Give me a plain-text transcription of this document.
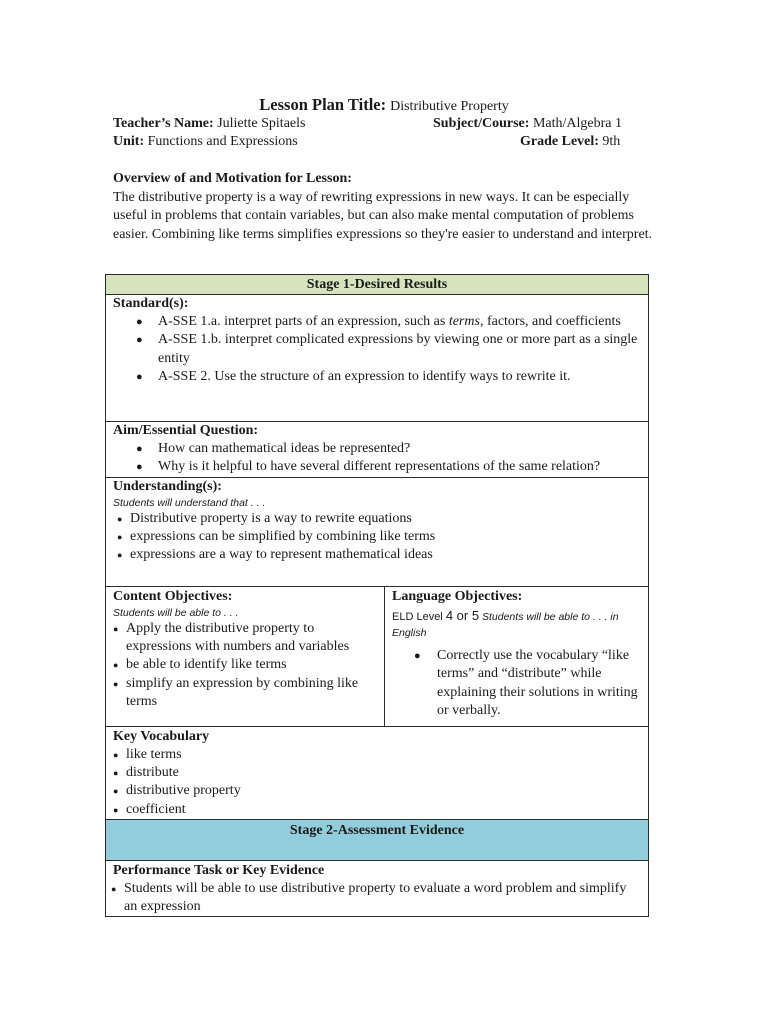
Lesson Plan Title: Distributive Property
Teacher’s Name: Juliette Spitaels	Subject/Course: Math/Algebra 1
Unit: Functions and Expressions	Grade Level: 9th
Overview of and Motivation for Lesson:
The distributive property is a way of rewriting expressions in new ways. It can be especially useful in problems that contain variables, but can also make mental computation of problems easier. Combining like terms simplifies expressions so they're easier to understand and interpret.
Stage 1-Desired Results

Standard(s):
● A-SSE 1.a. interpret parts of an expression, such as terms, factors, and coefficients
● A-SSE 1.b. interpret complicated expressions by viewing one or more part as a single entity
● A-SSE 2. Use the structure of an expression to identify ways to rewrite it.

Aim/Essential Question:
● How can mathematical ideas be represented?
● Why is it helpful to have several different representations of the same relation?

Understanding(s):
Students will understand that . . .
● Distributive property is a way to rewrite equations
● expressions can be simplified by combining like terms
● expressions are a way to represent mathematical ideas

Content Objectives:
Students will be able to . . .
● Apply the distributive property to expressions with numbers and variables
● be able to identify like terms
● simplify an expression by combining like terms

Language Objectives:
ELD Level 4 or 5 Students will be able to . . . in English
● Correctly use the vocabulary “like terms” and “distribute” while explaining their solutions in writing or verbally.

Key Vocabulary
● like terms
● distribute
● distributive property
● coefficient

Stage 2-Assessment Evidence

Performance Task or Key Evidence
● Students will be able to use distributive property to evaluate a word problem and simplify an expression
